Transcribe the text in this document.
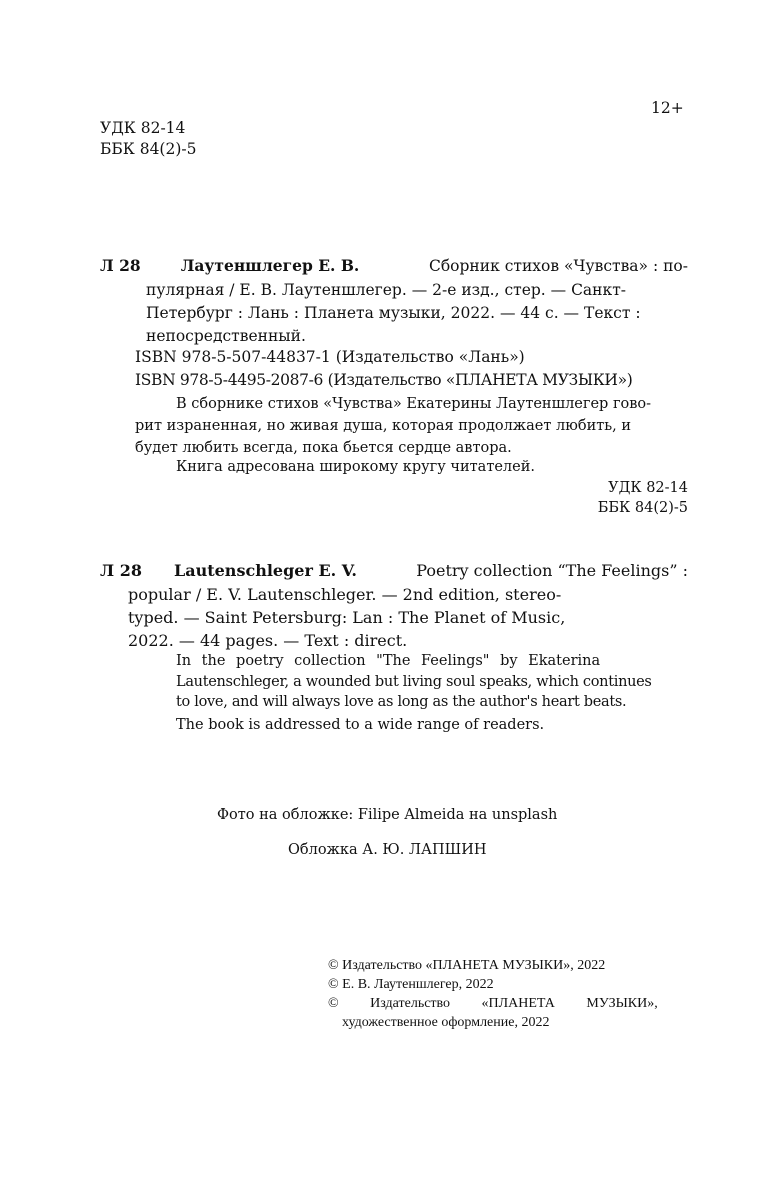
12+
УДК 82-14
ББК 84(2)-5
Л 28	Лаутеншлегер Е. В.	Сборник стихов «Чувства» : по-
пулярная / Е. В. Лаутеншлегер. — 2-е изд., стер. — Санкт-
Петербург : Лань : Планета музыки, 2022. — 44 с. — Текст :
непосредственный.
ISBN 978-5-507-44837-1 (Издательство «Лань»)
ISBN 978-5-4495-2087-6 (Издательство «ПЛАНЕТА МУЗЫКИ»)
В сборнике стихов «Чувства» Екатерины Лаутеншлегер гово-
рит израненная, но живая душа, которая продолжает любить, и
будет любить всегда, пока бьется сердце автора.
Книга адресована широкому кругу читателей.
УДК 82-14
ББК 84(2)-5
Л 28 Lautenschleger E. V.	Poetry collection “The Feelings” :
popular / E. V. Lautenschleger. — 2nd edition, stereo-
typed. — Saint Petersburg: Lan : The Planet of Music,
2022. — 44 pages. — Text : direct.
In the poetry collection "The Feelings" by Ekaterina
Lautenschleger, a wounded but living soul speaks, which continues
to love, and will always love as long as the author's heart beats.
The book is addressed to a wide range of readers.
Фото на обложке: Filipe Almeida на unsplash
Обложка А. Ю. ЛАПШИН
© Издательство «ПЛАНЕТА МУЗЫКИ», 2022
© Е. В. Лаутеншлегер, 2022
© Издательство «ПЛАНЕТА МУЗЫКИ»,
художественное оформление, 2022
